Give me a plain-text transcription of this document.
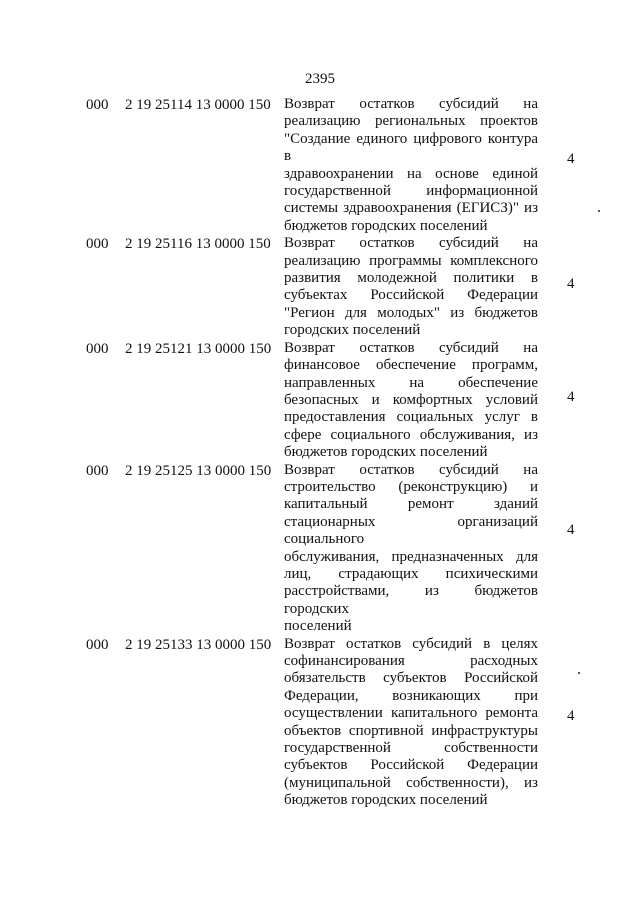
2395
000 2 19 25114 13 0000 150 Возврат остатков субсидий на
реализацию региональных проектов
"Создание единого цифрового контура в
здравоохранении на основе единой
государственной информационной
системы здравоохранения (ЕГИСЗ)" из
бюджетов городских поселений
4
000 2 19 25116 13 0000 150 Возврат остатков субсидий на
реализацию программы комплексного
развития молодежной политики в
субъектах Российской Федерации
"Регион для молодых" из бюджетов
городских поселений
4
000 2 19 25121 13 0000 150 Возврат остатков субсидий на
финансовое обеспечение программ,
направленных на обеспечение
безопасных и комфортных условий
предоставления социальных услуг в
сфере социального обслуживания, из
бюджетов городских поселений
4
000 2 19 25125 13 0000 150 Возврат остатков субсидий на
строительство (реконструкцию) и
капитальный ремонт зданий
стационарных организаций социального
обслуживания, предназначенных для
лиц, страдающих психическими
расстройствами, из бюджетов городских
поселений
4
000 2 19 25133 13 0000 150 Возврат остатков субсидий в целях
софинансирования расходных
обязательств субъектов Российской
Федерации, возникающих при
осуществлении капитального ремонта
объектов спортивной инфраструктуры
государственной собственности
субъектов Российской Федерации
(муниципальной собственности), из
бюджетов городских поселений
4
